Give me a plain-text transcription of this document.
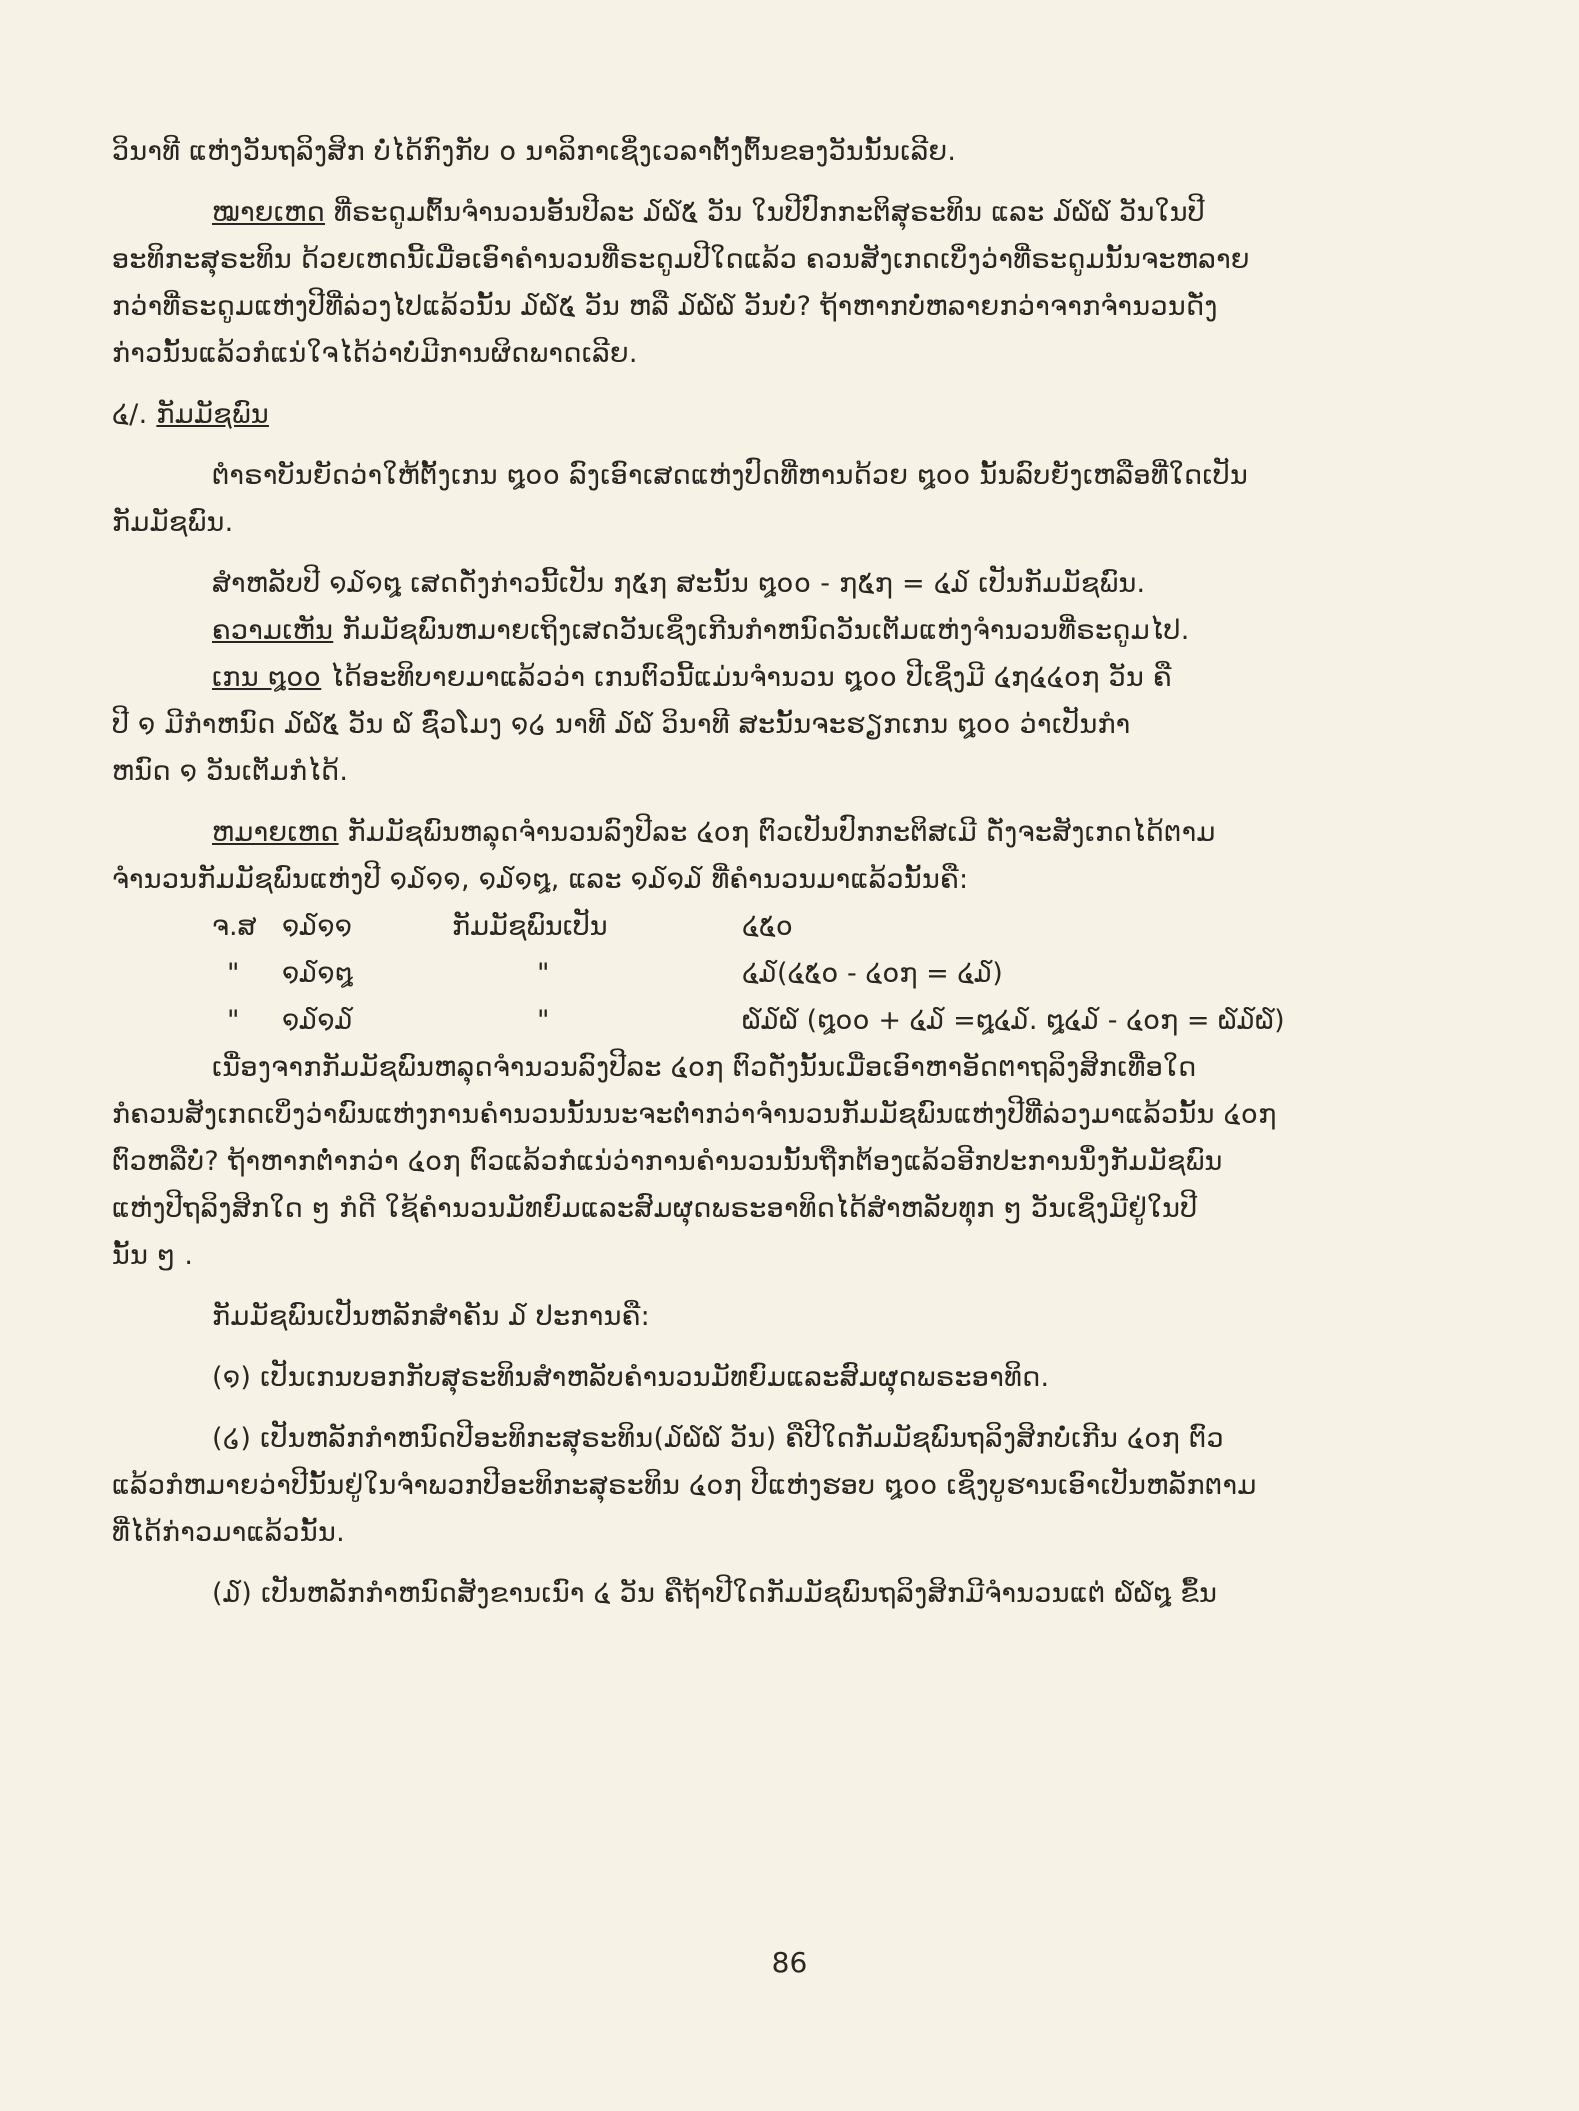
ວິນາທີ ແຫ່ງວັນຖລິງສິກ ບໍ່ໄດ້ກົງກັບ ໐ ນາລິກາເຊິ່ງເວລາຕັ້ງຕົ້ນຂອງວັນນັ້ນເລີຍ.
ໝາຍເຫດ ທີ່ຣະດູມຕົ້ນຈຳນວນອັ້ນປີລະ ໓໖໕ ວັນ ໃນປີປົກກະຕິສຸຣະທິນ ແລະ ໓໖໖ ວັນໃນປີ
ອະທິກະສຸຣະທິນ ດ້ວຍເຫດນີ້ເມື່ອເອົາຄຳນວນທີ່ຣະດູມປີໃດແລ້ວ ຄວນສັງເກດເບິ່ງວ່າທີ່ຣະດູມນັ້ນຈະຫລາຍ
ກວ່າທີ່ຣະດູມແຫ່ງປີທີ່ລ່ວງໄປແລ້ວນັ້ນ ໓໖໕ ວັນ ຫລື ໓໖໖ ວັນບໍ່? ຖ້າຫາກບໍ່ຫລາຍກວ່າຈາກຈຳນວນດັ່ງ
ກ່າວນັ້ນແລ້ວກໍແນ່ໃຈໄດ້ວ່າບໍ່ມີການຜິດພາດເລີຍ.
໔/. ກັມມັຊພົນ
ຕຳຣາບັນຍັດວ່າໃຫ້ຕັ້ງເກນ ໘໐໐ ລົງເອົາເສດແຫ່ງປົດທີ່ຫານດ້ວຍ ໘໐໐ ນັ້ນລົບຍັງເຫລືອທີ່ໃດເປັນ
ກັມມັຊພົນ.
ສຳຫລັບປີ ໑໓໑໘ ເສດດັ່ງກ່າວນີ້ເປັນ ໗໕໗ ສະນັ້ນ ໘໐໐ - ໗໕໗ = ໔໓ ເປັນກັມມັຊພົນ.
ຄວາມເຫັນ ກັມມັຊພົນຫມາຍເຖິງເສດວັນເຊິ່ງເກີນກຳຫນົດວັນເຕັມແຫ່ງຈຳນວນທີ່ຣະດູມໄປ.
ເກນ ໘໐໐ ໄດ້ອະທິບາຍມາແລ້ວວ່າ ເກນຕົວນີ້ແມ່ນຈຳນວນ ໘໐໐ ປີເຊິ່ງມີ ໔໗໔໔໐໗ ວັນ ຄື
ປີ ໑ ມີກຳຫນົດ ໓໖໕ ວັນ ໖ ຊົ່ວໂມງ ໑໒ ນາທີ ໓໖ ວິນາທີ ສະນັ້ນຈະຮຽກເກນ ໘໐໐ ວ່າເປັນກຳ
ຫນົດ ໑ ວັນເຕັມກໍໄດ້.
ຫມາຍເຫດ ກັມມັຊພົນຫລຸດຈຳນວນລົງປີລະ ໔໐໗ ຕົວເປັນປົກກະຕິສເມີ ດັ່ງຈະສັງເກດໄດ້ຕາມ
ຈຳນວນກັມມັຊພົນແຫ່ງປີ ໑໓໑໑, ໑໓໑໘, ແລະ ໑໓໑໓ ທີ່ຄຳນວນມາແລ້ວນັ້ນຄື:
ຈ.ສ ໑໓໑໑	ກັມມັຊພົນເປັນ	໔໕໐
" ໑໓໑໘	"	໔໓(໔໕໐ - ໔໐໗ = ໔໓)
" ໑໓໑໓	"	໖໓໖ (໘໐໐ + ໔໓ =໘໔໓. ໘໔໓ - ໔໐໗ = ໖໓໖)
ເນື່ອງຈາກກັມມັຊພົນຫລຸດຈຳນວນລົງປີລະ ໔໐໗ ຕົວດັ່ງນັ້ນເມື່ອເອົາຫາອັດຕາຖລິງສິກເທື່ອໃດ
ກໍຄວນສັງເກດເບິ່ງວ່າພົນແຫ່ງການຄຳນວນນັ້ນນະຈະຕ່ຳກວ່າຈຳນວນກັມມັຊພົນແຫ່ງປີທີ່ລ່ວງມາແລ້ວນັ້ນ ໔໐໗
ຕົວຫລືບໍ່? ຖ້າຫາກຕ່ຳກວ່າ ໔໐໗ ຕົວແລ້ວກໍແນ່ວ່າການຄຳນວນນັ້ນຖືກຕ້ອງແລ້ວອີກປະການນຶ່ງກັມມັຊພົນ
ແຫ່ງປີຖລິງສິກໃດ ໆ ກໍດີ ໃຊ້ຄຳນວນມັທຍົມແລະສົມຜຸດພຣະອາທິດໄດ້ສຳຫລັບທຸກ ໆ ວັນເຊິ່ງມີຢູ່ໃນປີ
ນັ້ນ ໆ .
ກັມມັຊພົນເປັນຫລັກສຳຄັນ ໓ ປະການຄື:
(໑) ເປັນເກນບອກກັບສຸຣະທິນສຳຫລັບຄຳນວນມັທຍົມແລະສົມຜຸດພຣະອາທິດ.
(໒) ເປັນຫລັກກຳຫນົດປີອະທິກະສຸຣະທິນ(໓໖໖ ວັນ) ຄືປີໃດກັມມັຊພົນຖລິງສິກບໍ່ເກີນ ໔໐໗ ຕົວ
ແລ້ວກໍຫມາຍວ່າປີນັ້ນຢູ່ໃນຈຳພວກປີອະທິກະສຸຣະທິນ ໔໐໗ ປີແຫ່ງຮອບ ໘໐໐ ເຊິ່ງບູຮານເອົາເປັນຫລັກຕາມ
ທີ່ໄດ້ກ່າວມາແລ້ວນັ້ນ.
(໓) ເປັນຫລັກກຳຫນົດສັງຂານເນົາ ໔ ວັນ ຄືຖ້າປີໃດກັມມັຊພົນຖລິງສິກມີຈຳນວນແຕ່ ໖໖໘ ຂຶ້ນ
86
